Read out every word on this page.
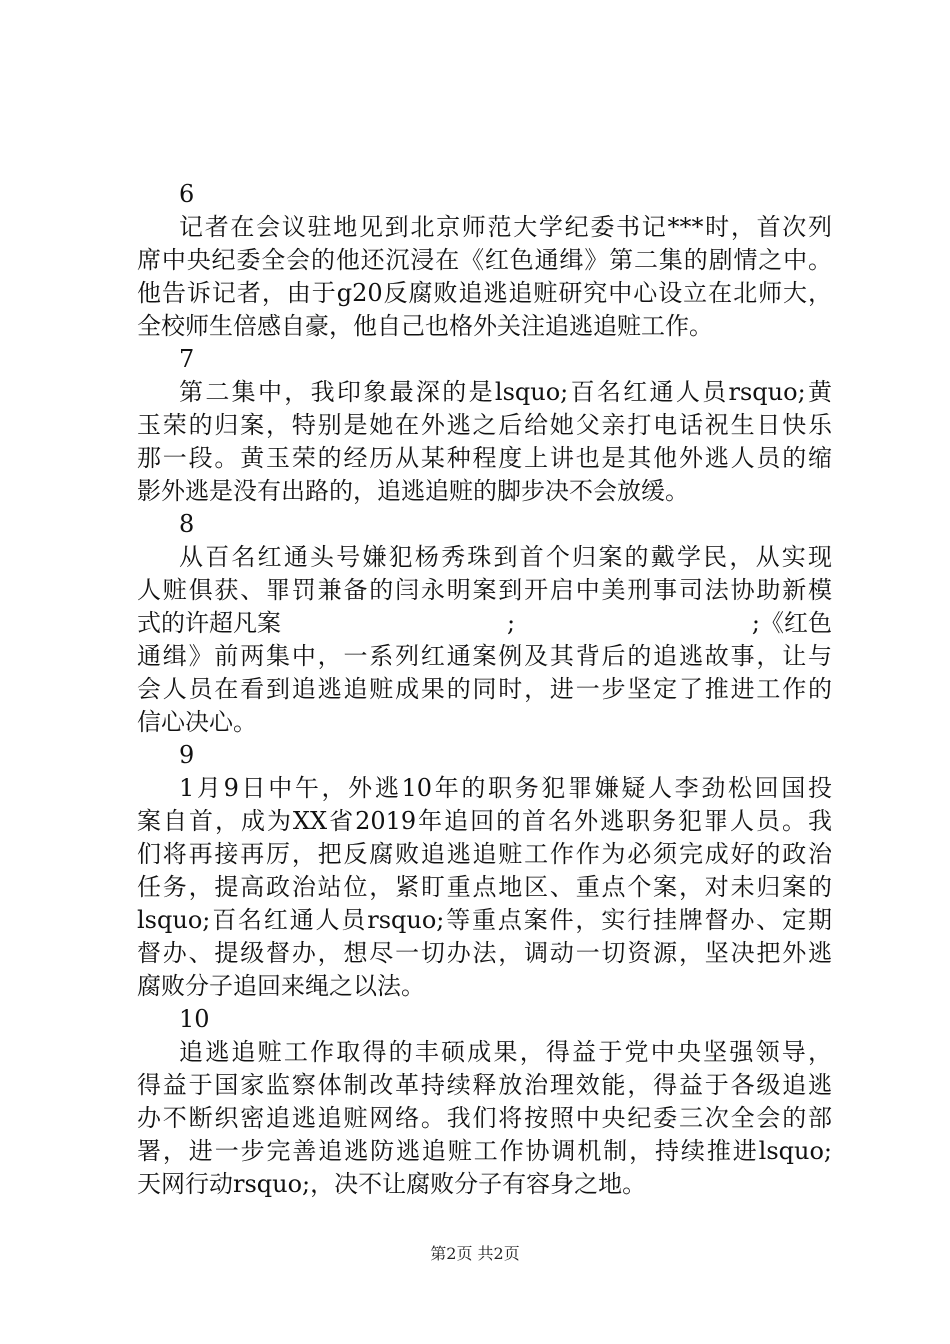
6

记者在会议驻地见到北京师范大学纪委书记***时，首次列

席中央纪委全会的他还沉浸在《红色通缉》第二集的剧情之中。

他告诉记者，由于g20反腐败追逃追赃研究中心设立在北师大，

全校师生倍感自豪，他自己也格外关注追逃追赃工作。

7

第二集中，我印象最深的是lsquo;百名红通人员rsquo;黄

玉荣的归案，特别是她在外逃之后给她父亲打电话祝生日快乐

那一段。黄玉荣的经历从某种程度上讲也是其他外逃人员的缩

影外逃是没有出路的，追逃追赃的脚步决不会放缓。

8

从百名红通头号嫌犯杨秀珠到首个归案的戴学民，从实现

人赃俱获、罪罚兼备的闫永明案到开启中美刑事司法协助新模

式的许超凡案	;	;《红色

通缉》前两集中，一系列红通案例及其背后的追逃故事，让与

会人员在看到追逃追赃成果的同时，进一步坚定了推进工作的

信心决心。

9

1月9日中午，外逃10年的职务犯罪嫌疑人李劲松回国投

案自首，成为XX省2019年追回的首名外逃职务犯罪人员。我

们将再接再厉，把反腐败追逃追赃工作作为必须完成好的政治

任务，提高政治站位，紧盯重点地区、重点个案，对未归案的

lsquo;百名红通人员rsquo;等重点案件，实行挂牌督办、定期

督办、提级督办，想尽一切办法，调动一切资源，坚决把外逃

腐败分子追回来绳之以法。

10

追逃追赃工作取得的丰硕成果，得益于党中央坚强领导，

得益于国家监察体制改革持续释放治理效能，得益于各级追逃

办不断织密追逃追赃网络。我们将按照中央纪委三次全会的部

署，进一步完善追逃防逃追赃工作协调机制，持续推进lsquo;

天网行动rsquo;，决不让腐败分子有容身之地。

第2页 共2页
